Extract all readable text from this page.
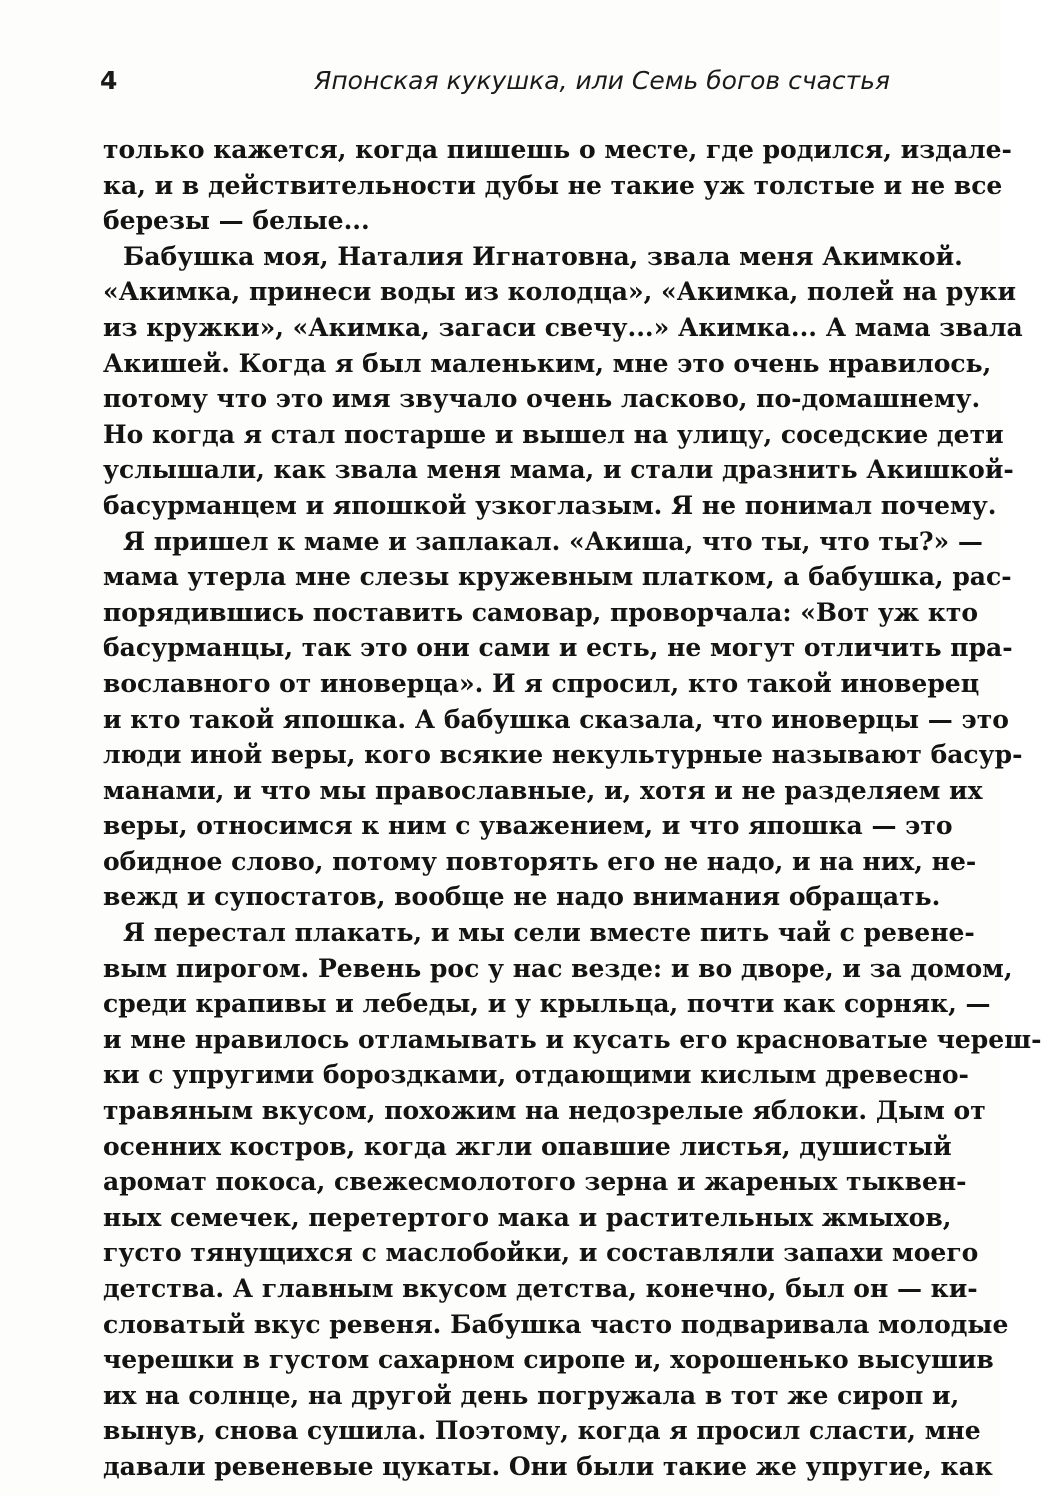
4	Японская кукушка, или Семь богов счастья
только кажется, когда пишешь о месте, где родился, издале-
ка, и в действительности дубы не такие уж толстые и не все
березы — белые...
Бабушка моя, Наталия Игнатовна, звала меня Акимкой.
«Акимка, принеси воды из колодца», «Акимка, полей на руки
из кружки», «Акимка, загаси свечу...» Акимка... А мама звала
Акишей. Когда я был маленьким, мне это очень нравилось,
потому что это имя звучало очень ласково, по-домашнему.
Но когда я стал постарше и вышел на улицу, соседские дети
услышали, как звала меня мама, и стали дразнить Акишкой-
басурманцем и япошкой узкоглазым. Я не понимал почему.
Я пришел к маме и заплакал. «Акиша, что ты, что ты?» —
мама утерла мне слезы кружевным платком, а бабушка, рас-
порядившись поставить самовар, проворчала: «Вот уж кто
басурманцы, так это они сами и есть, не могут отличить пра-
вославного от иноверца». И я спросил, кто такой иноверец
и кто такой япошка. А бабушка сказала, что иноверцы — это
люди иной веры, кого всякие некультурные называют басур-
манами, и что мы православные, и, хотя и не разделяем их
веры, относимся к ним с уважением, и что япошка — это
обидное слово, потому повторять его не надо, и на них, не-
вежд и супостатов, вообще не надо внимания обращать.
Я перестал плакать, и мы сели вместе пить чай с ревене-
вым пирогом. Ревень рос у нас везде: и во дворе, и за домом,
среди крапивы и лебеды, и у крыльца, почти как сорняк, —
и мне нравилось отламывать и кусать его красноватые череш-
ки с упругими бороздками, отдающими кислым древесно-
травяным вкусом, похожим на недозрелые яблоки. Дым от
осенних костров, когда жгли опавшие листья, душистый
аромат покоса, свежесмолотого зерна и жареных тыквен-
ных семечек, перетертого мака и растительных жмыхов,
густо тянущихся с маслобойки, и составляли запахи моего
детства. А главным вкусом детства, конечно, был он — ки-
словатый вкус ревеня. Бабушка часто подваривала молодые
черешки в густом сахарном сиропе и, хорошенько высушив
их на солнце, на другой день погружала в тот же сироп и,
вынув, снова сушила. Поэтому, когда я просил сласти, мне
давали ревеневые цукаты. Они были такие же упругие, как
